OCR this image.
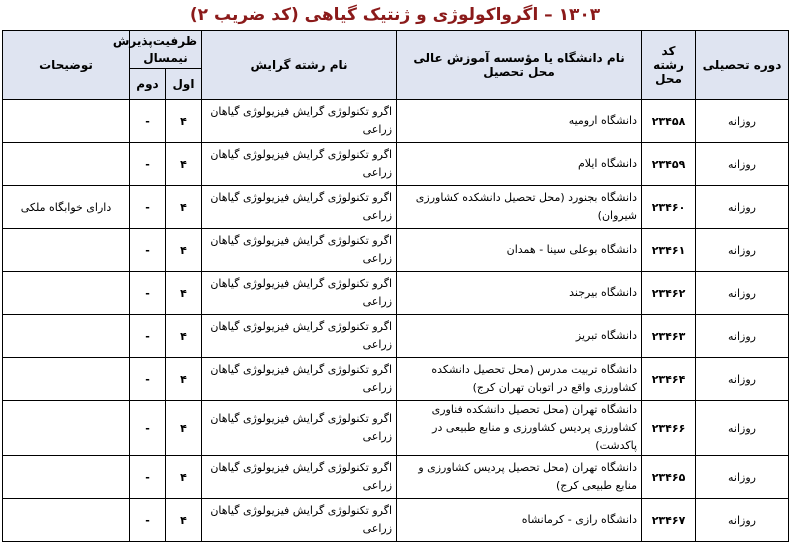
۱۳۰۳ – اگرواکولوژی و ژنتیک گیاهی (کد ضریب ۲)
دوره تحصیلی	کد رشته محل	نام دانشگاه یا مؤسسه آموزش عالی محل تحصیل	نام رشته گرایش	ظرفیت‌پذیرش نیمسال		توضیحات
				اول	دوم	
روزانه	۲۳۴۵۸	دانشگاه ارومیه	اگرو تکنولوژی گرایش فیزیولوژی گیاهان زراعی	۴	-	
روزانه	۲۳۴۵۹	دانشگاه ایلام	اگرو تکنولوژی گرایش فیزیولوژی گیاهان زراعی	۴	-	
روزانه	۲۳۴۶۰	دانشگاه بجنورد (محل تحصیل دانشکده کشاورزی شیروان)	اگرو تکنولوژی گرایش فیزیولوژی گیاهان زراعی	۴	-	دارای خوابگاه ملکی
روزانه	۲۳۴۶۱	دانشگاه بوعلی سینا - همدان	اگرو تکنولوژی گرایش فیزیولوژی گیاهان زراعی	۴	-	
روزانه	۲۳۴۶۲	دانشگاه بیرجند	اگرو تکنولوژی گرایش فیزیولوژی گیاهان زراعی	۴	-	
روزانه	۲۳۴۶۳	دانشگاه تبریز	اگرو تکنولوژی گرایش فیزیولوژی گیاهان زراعی	۴	-	
روزانه	۲۳۴۶۴	دانشگاه تربیت مدرس (محل تحصیل دانشکده کشاورزی واقع در اتوبان تهران کرج)	اگرو تکنولوژی گرایش فیزیولوژی گیاهان زراعی	۴	-	
روزانه	۲۳۴۶۶	دانشگاه تهران (محل تحصیل دانشکده فناوری کشاورزی پردیس کشاورزی و منابع طبیعی در پاکدشت)	اگرو تکنولوژی گرایش فیزیولوژی گیاهان زراعی	۴	-	
روزانه	۲۳۴۶۵	دانشگاه تهران (محل تحصیل پردیس کشاورزی و منابع طبیعی کرج)	اگرو تکنولوژی گرایش فیزیولوژی گیاهان زراعی	۴	-	
روزانه	۲۳۴۶۷	دانشگاه رازی - کرمانشاه	اگرو تکنولوژی گرایش فیزیولوژی گیاهان زراعی	۴	-	
